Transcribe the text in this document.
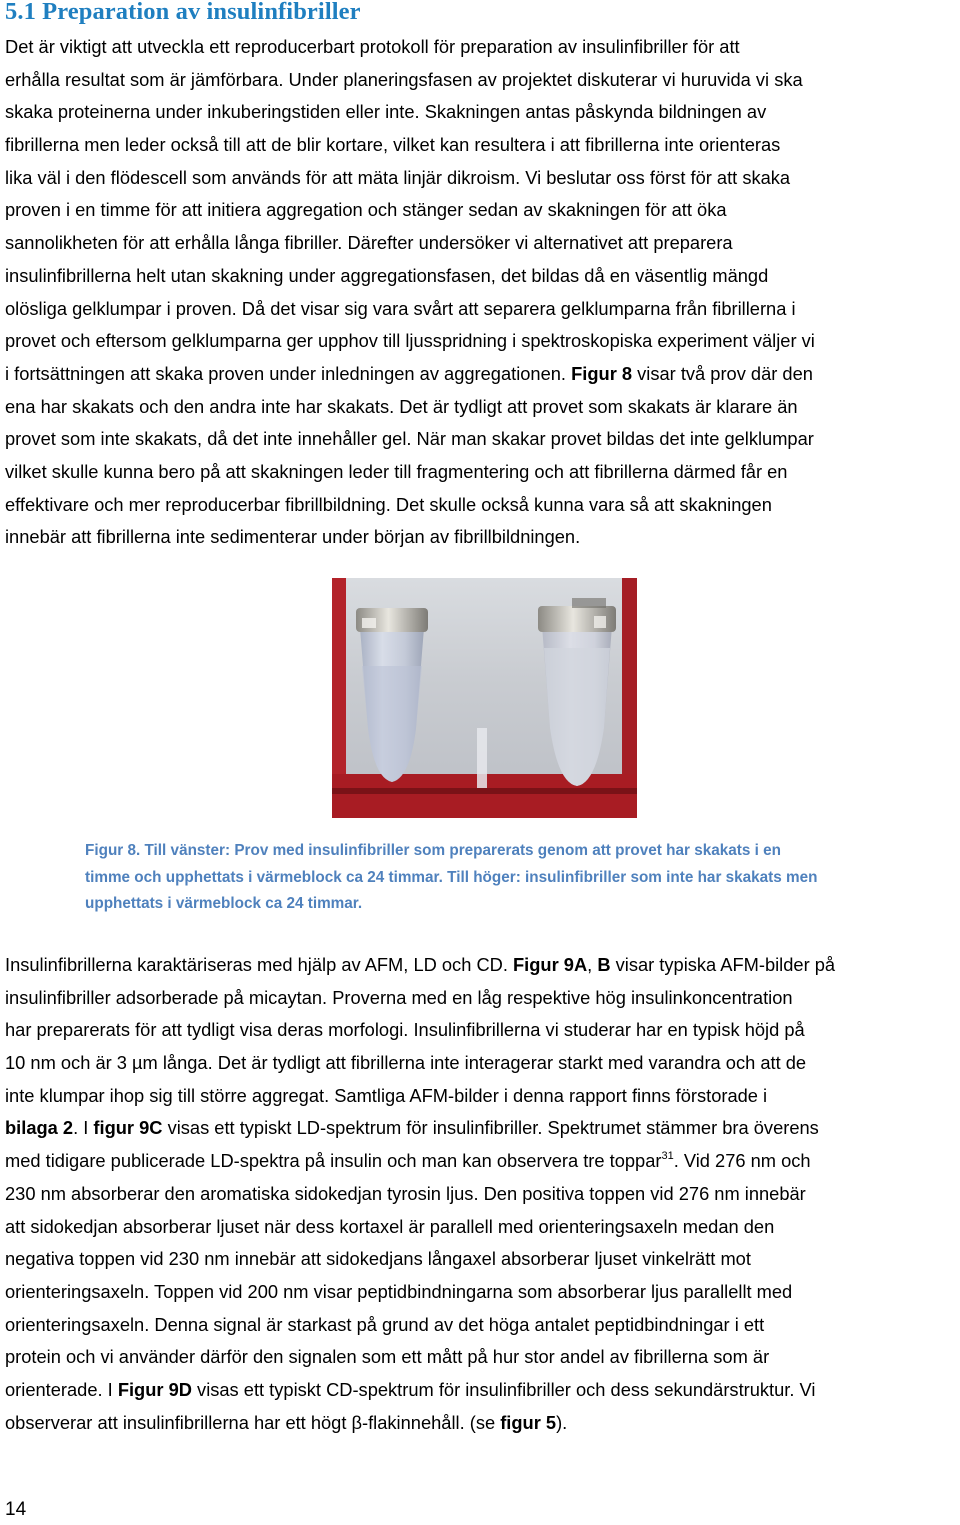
5.1 Preparation av insulinfibriller
Det är viktigt att utveckla ett reproducerbart protokoll för preparation av insulinfibriller för att
erhålla resultat som är jämförbara. Under planeringsfasen av projektet diskuterar vi huruvida vi ska
skaka proteinerna under inkuberingstiden eller inte. Skakningen antas påskynda bildningen av
fibrillerna men leder också till att de blir kortare, vilket kan resultera i att fibrillerna inte orienteras
lika väl i den flödescell som används för att mäta linjär dikroism. Vi beslutar oss först för att skaka
proven i en timme för att initiera aggregation och stänger sedan av skakningen för att öka
sannolikheten för att erhålla långa fibriller. Därefter undersöker vi alternativet att preparera
insulinfibrillerna helt utan skakning under aggregationsfasen, det bildas då en väsentlig mängd
olösliga gelklumpar i proven. Då det visar sig vara svårt att separera gelklumparna från fibrillerna i
provet och eftersom gelklumparna ger upphov till ljusspridning i spektroskopiska experiment väljer vi
i fortsättningen att skaka proven under inledningen av aggregationen. Figur 8 visar två prov där den
ena har skakats och den andra inte har skakats. Det är tydligt att provet som skakats är klarare än
provet som inte skakats, då det inte innehåller gel. När man skakar provet bildas det inte gelklumpar
vilket skulle kunna bero på att skakningen leder till fragmentering och att fibrillerna därmed får en
effektivare och mer reproducerbar fibrillbildning. Det skulle också kunna vara så att skakningen
innebär att fibrillerna inte sedimenterar under början av fibrillbildningen.
Figur 8. Till vänster: Prov med insulinfibriller som preparerats genom att provet har skakats i en
timme och upphettats i värmeblock ca 24 timmar. Till höger: insulinfibriller som inte har skakats men
upphettats i värmeblock ca 24 timmar.
Insulinfibrillerna karaktäriseras med hjälp av AFM, LD och CD. Figur 9A, B visar typiska AFM-bilder på
insulinfibriller adsorberade på micaytan. Proverna med en låg respektive hög insulinkoncentration
har preparerats för att tydligt visa deras morfologi. Insulinfibrillerna vi studerar har en typisk höjd på
10 nm och är 3 µm långa. Det är tydligt att fibrillerna inte interagerar starkt med varandra och att de
inte klumpar ihop sig till större aggregat. Samtliga AFM-bilder i denna rapport finns förstorade i
bilaga 2. I figur 9C visas ett typiskt LD-spektrum för insulinfibriller. Spektrumet stämmer bra överens
med tidigare publicerade LD-spektra på insulin och man kan observera tre toppar$^{31}$. Vid 276 nm och
230 nm absorberar den aromatiska sidokedjan tyrosin ljus. Den positiva toppen vid 276 nm innebär
att sidokedjan absorberar ljuset när dess kortaxel är parallell med orienteringsaxeln medan den
negativa toppen vid 230 nm innebär att sidokedjans långaxel absorberar ljuset vinkelrätt mot
orienteringsaxeln. Toppen vid 200 nm visar peptidbindningarna som absorberar ljus parallellt med
orienteringsaxeln. Denna signal är starkast på grund av det höga antalet peptidbindningar i ett
protein och vi använder därför den signalen som ett mått på hur stor andel av fibrillerna som är
orienterade. I Figur 9D visas ett typiskt CD-spektrum för insulinfibriller och dess sekundärstruktur. Vi
observerar att insulinfibrillerna har ett högt β-flakinnehåll. (se figur 5).

14
